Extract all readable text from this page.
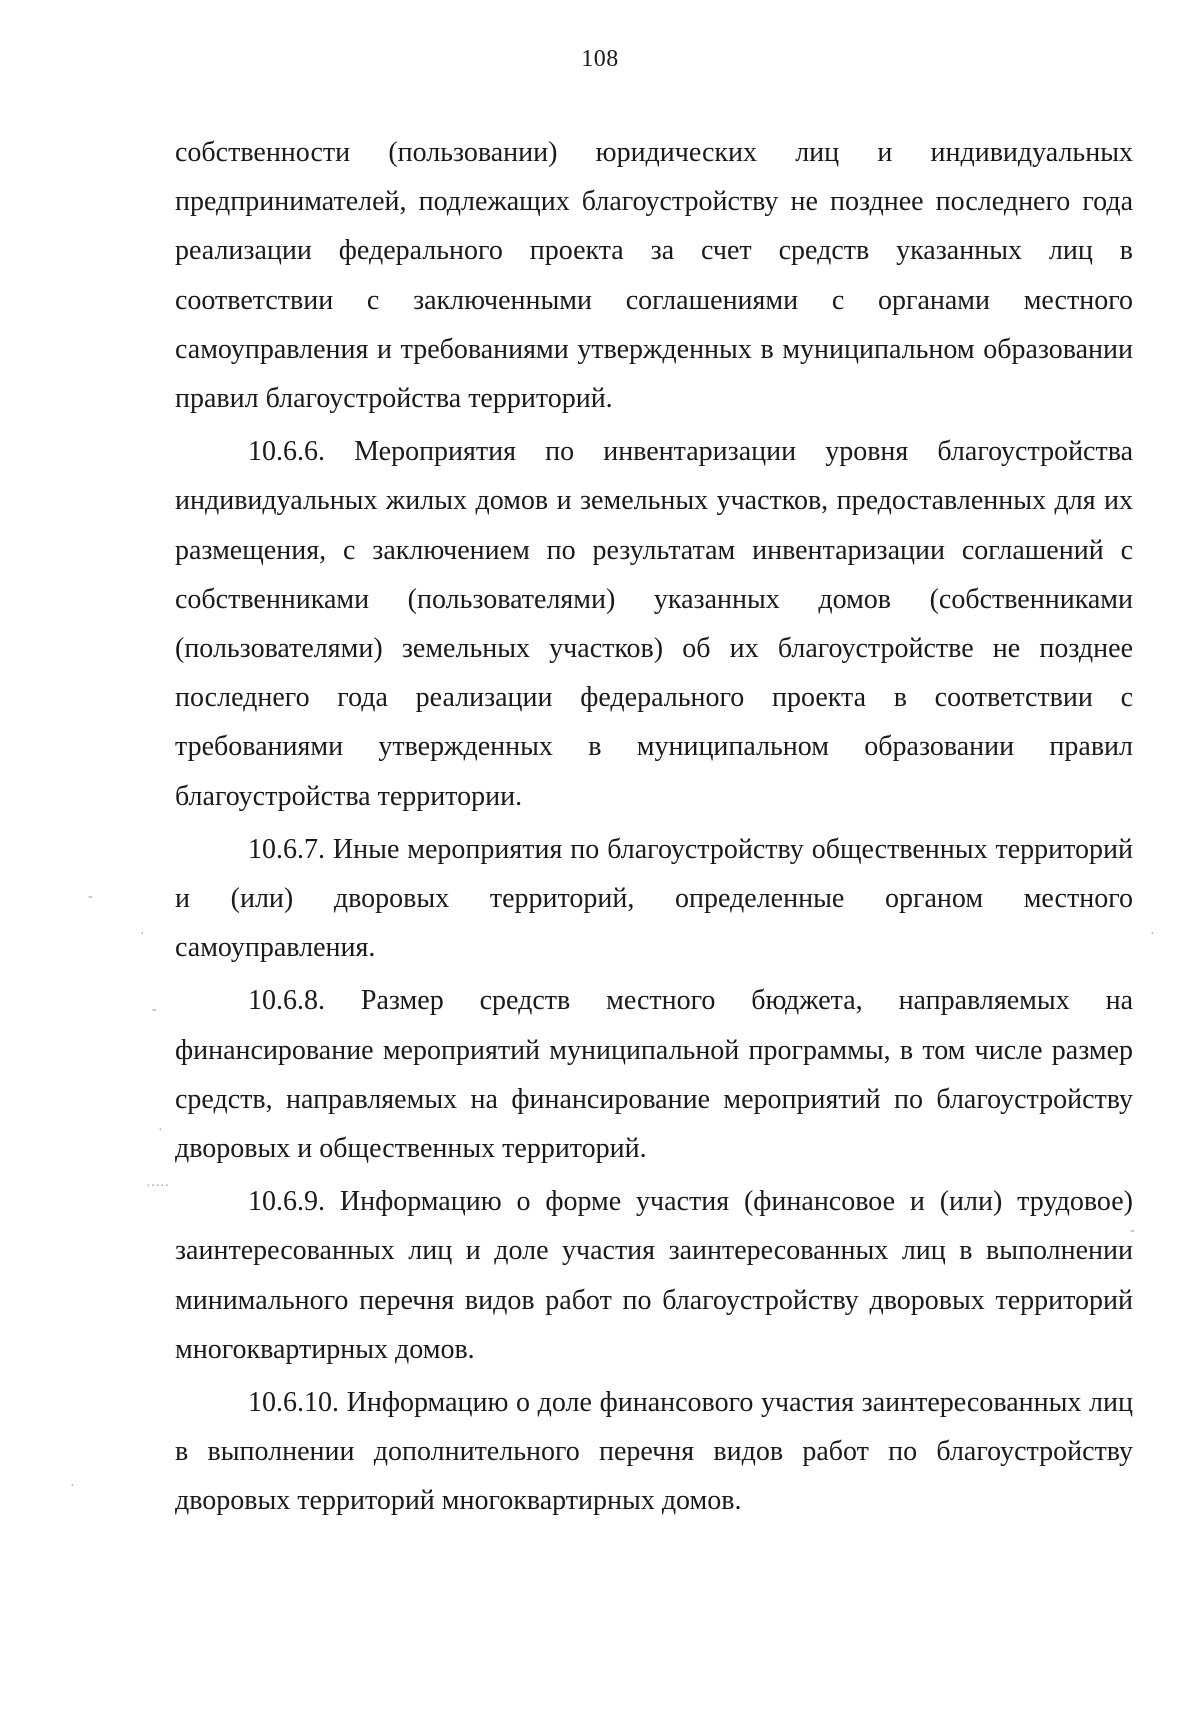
108

собственности (пользовании) юридических лиц и индивидуальных предпринимателей, подлежащих благоустройству не позднее последнего года реализации федерального проекта за счет средств указанных лиц в соответствии с заключенными соглашениями с органами местного самоуправления и требованиями утвержденных в муниципальном образовании правил благоустройства территорий.

10.6.6. Мероприятия по инвентаризации уровня благоустройства индивидуальных жилых домов и земельных участков, предоставленных для их размещения, с заключением по результатам инвентаризации соглашений с собственниками (пользователями) указанных домов (собственниками (пользователями) земельных участков) об их благоустройстве не позднее последнего года реализации федерального проекта в соответствии с требованиями утвержденных в муниципальном образовании правил благоустройства территории.

10.6.7. Иные мероприятия по благоустройству общественных территорий и (или) дворовых территорий, определенные органом местного самоуправления.

10.6.8. Размер средств местного бюджета, направляемых на финансирование мероприятий муниципальной программы, в том числе размер средств, направляемых на финансирование мероприятий по благоустройству дворовых и общественных территорий.

10.6.9. Информацию о форме участия (финансовое и (или) трудовое) заинтересованных лиц и доле участия заинтересованных лиц в выполнении минимального перечня видов работ по благоустройству дворовых территорий многоквартирных домов.

10.6.10. Информацию о доле финансового участия заинтересованных лиц в выполнении дополнительного перечня видов работ по благоустройству дворовых территорий многоквартирных домов.

·
-
·
·····
-
-
·
·
